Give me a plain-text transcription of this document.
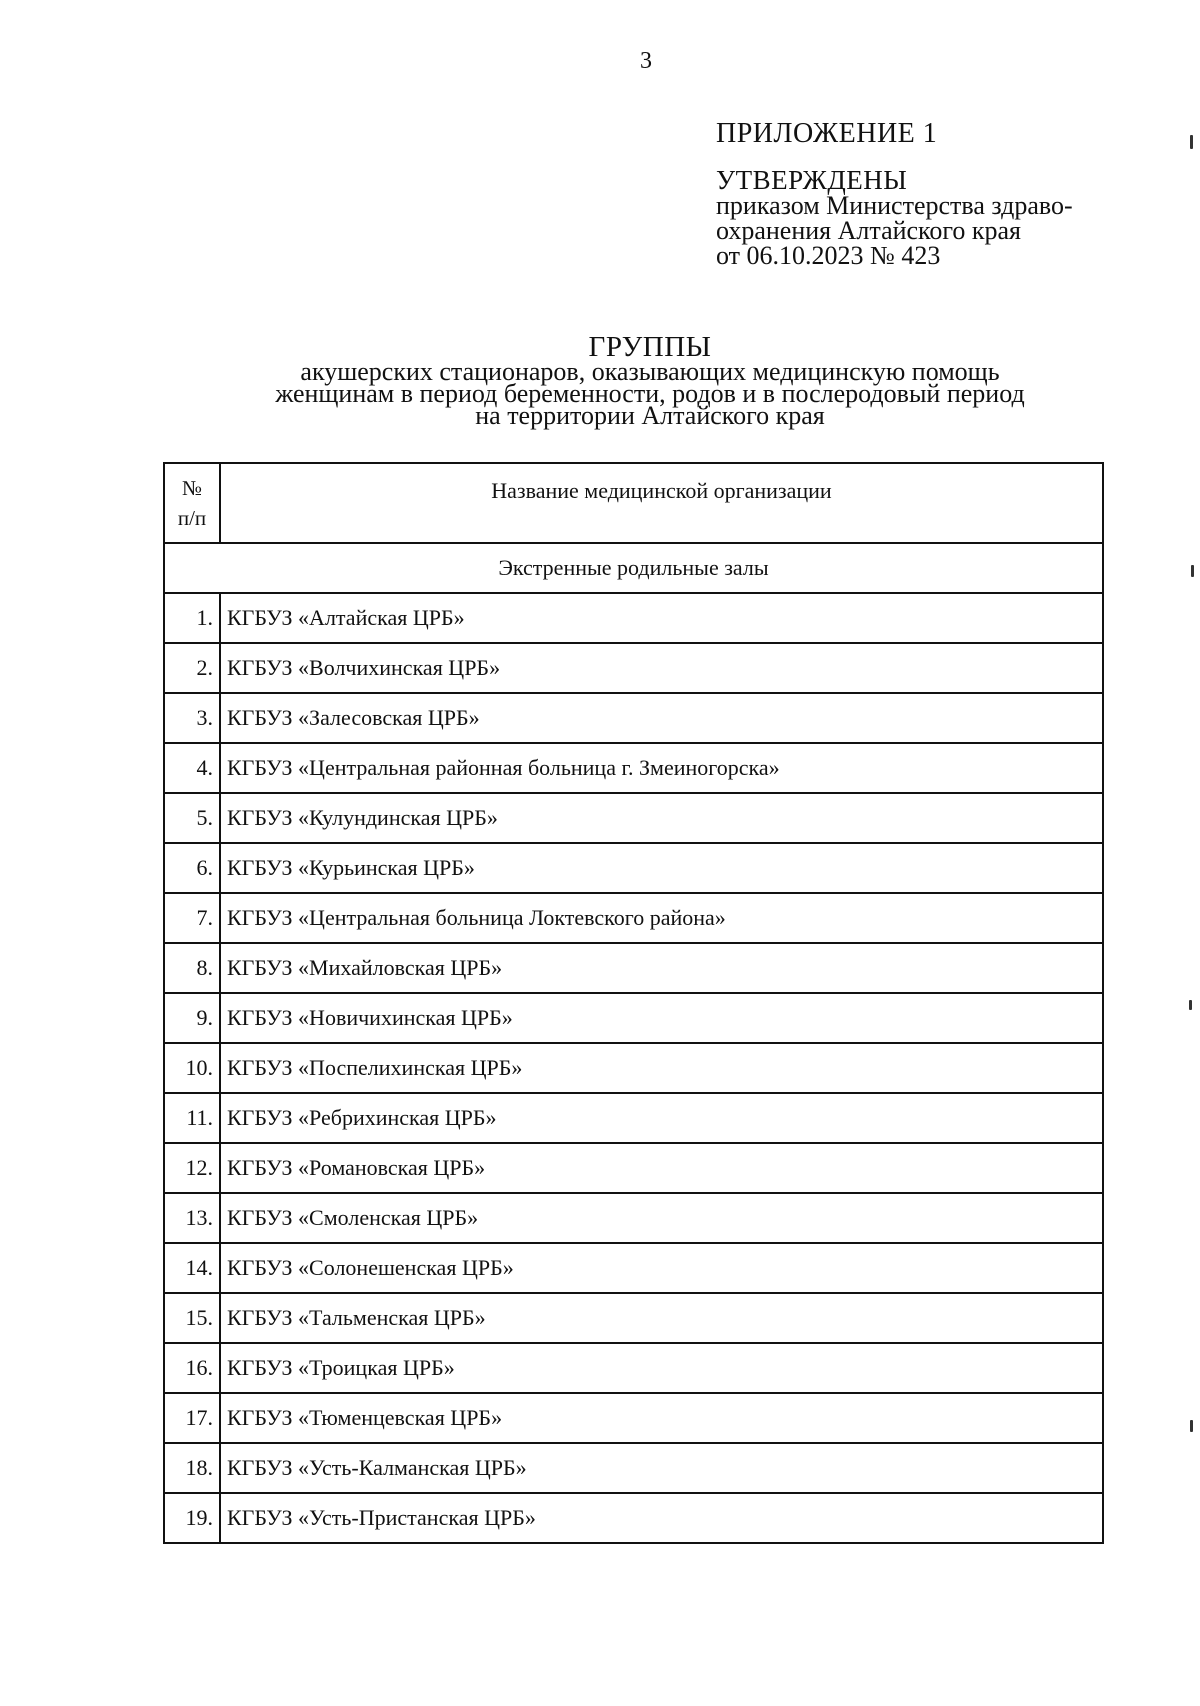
3
ПРИЛОЖЕНИЕ 1
УТВЕРЖДЕНЫ
приказом Министерства здраво-
охранения Алтайского края
от 06.10.2023 № 423
ГРУППЫ
акушерских стационаров, оказывающих медицинскую помощь
женщинам в период беременности, родов и в послеродовый период
на территории Алтайского края
№
п/п	Название медицинской организации
Экстренные родильные залы	
1.	КГБУЗ «Алтайская ЦРБ»
2.	КГБУЗ «Волчихинская ЦРБ»
3.	КГБУЗ «Залесовская ЦРБ»
4.	КГБУЗ «Центральная районная больница г. Змеиногорска»
5.	КГБУЗ «Кулундинская ЦРБ»
6.	КГБУЗ «Курьинская ЦРБ»
7.	КГБУЗ «Центральная больница Локтевского района»
8.	КГБУЗ «Михайловская ЦРБ»
9.	КГБУЗ «Новичихинская ЦРБ»
10.	КГБУЗ «Поспелихинская ЦРБ»
11.	КГБУЗ «Ребрихинская ЦРБ»
12.	КГБУЗ «Романовская ЦРБ»
13.	КГБУЗ «Смоленская ЦРБ»
14.	КГБУЗ «Солонешенская ЦРБ»
15.	КГБУЗ «Тальменская ЦРБ»
16.	КГБУЗ «Троицкая ЦРБ»
17.	КГБУЗ «Тюменцевская ЦРБ»
18.	КГБУЗ «Усть-Калманская ЦРБ»
19.	КГБУЗ «Усть-Пристанская ЦРБ»
